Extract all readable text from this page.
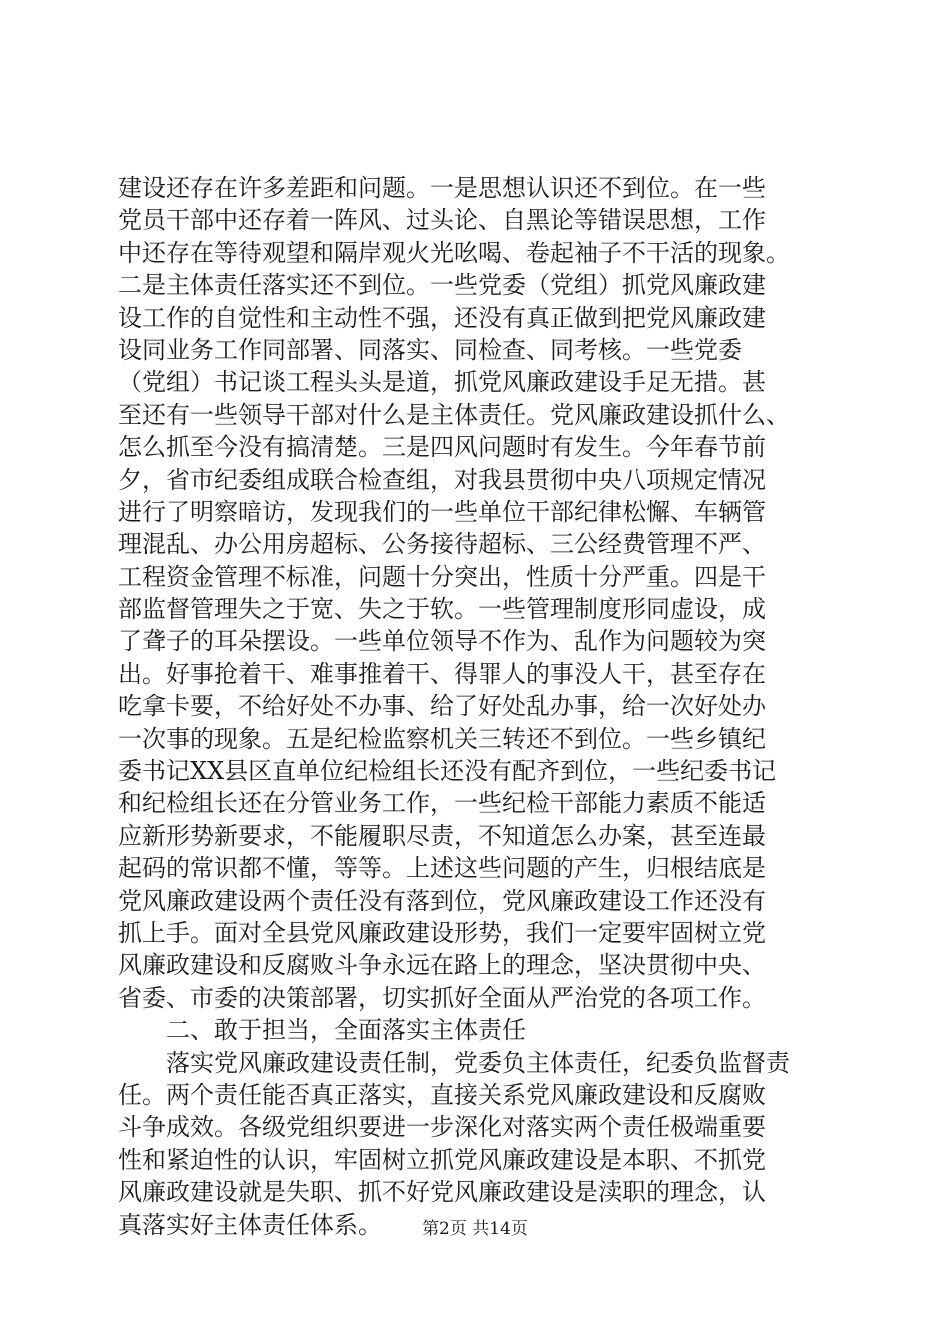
建设还存在许多差距和问题。一是思想认识还不到位。在一些
党员干部中还存着一阵风、过头论、自黑论等错误思想，工作
中还存在等待观望和隔岸观火光吆喝、卷起袖子不干活的现象。
二是主体责任落实还不到位。一些党委（党组）抓党风廉政建
设工作的自觉性和主动性不强，还没有真正做到把党风廉政建
设同业务工作同部署、同落实、同检查、同考核。一些党委
（党组）书记谈工程头头是道，抓党风廉政建设手足无措。甚
至还有一些领导干部对什么是主体责任。党风廉政建设抓什么、
怎么抓至今没有搞清楚。三是四风问题时有发生。今年春节前
夕，省市纪委组成联合检查组，对我县贯彻中央八项规定情况
进行了明察暗访，发现我们的一些单位干部纪律松懈、车辆管
理混乱、办公用房超标、公务接待超标、三公经费管理不严、
工程资金管理不标准，问题十分突出，性质十分严重。四是干
部监督管理失之于宽、失之于软。一些管理制度形同虚设，成
了聋子的耳朵摆设。一些单位领导不作为、乱作为问题较为突
出。好事抢着干、难事推着干、得罪人的事没人干，甚至存在
吃拿卡要，不给好处不办事、给了好处乱办事，给一次好处办
一次事的现象。五是纪检监察机关三转还不到位。一些乡镇纪
委书记XX县区直单位纪检组长还没有配齐到位，一些纪委书记
和纪检组长还在分管业务工作，一些纪检干部能力素质不能适
应新形势新要求，不能履职尽责，不知道怎么办案，甚至连最
起码的常识都不懂，等等。上述这些问题的产生，归根结底是
党风廉政建设两个责任没有落到位，党风廉政建设工作还没有
抓上手。面对全县党风廉政建设形势，我们一定要牢固树立党
风廉政建设和反腐败斗争永远在路上的理念，坚决贯彻中央、
省委、市委的决策部署，切实抓好全面从严治党的各项工作。
二、敢于担当，全面落实主体责任
落实党风廉政建设责任制，党委负主体责任，纪委负监督责
任。两个责任能否真正落实，直接关系党风廉政建设和反腐败
斗争成效。各级党组织要进一步深化对落实两个责任极端重要
性和紧迫性的认识，牢固树立抓党风廉政建设是本职、不抓党
风廉政建设就是失职、抓不好党风廉政建设是渎职的理念，认
真落实好主体责任体系。	第2页 共14页
